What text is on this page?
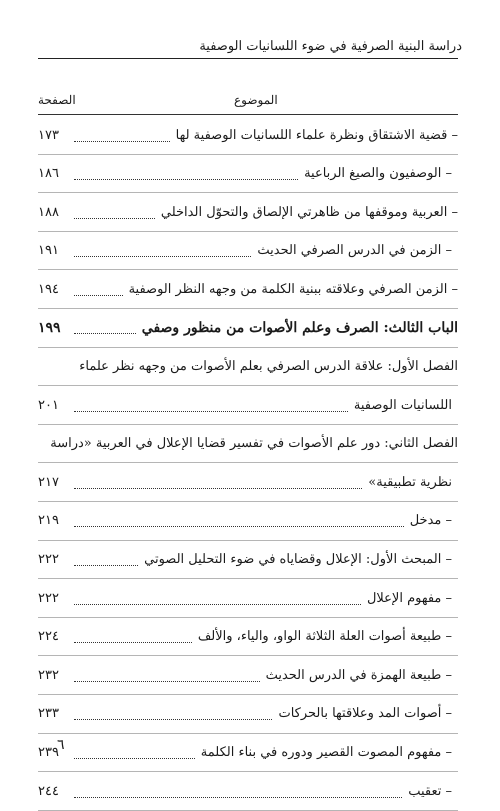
دراسة البنية الصرفية في ضوء اللسانيات الوصفية
الصفحة	الموضوع
– قضية الاشتقاق ونظرة علماء اللسانيات الوصفية لها
١٧٣
– الوصفيون والصيغ الرباعية
١٨٦
– العربية وموقفها من ظاهرتي الإلصاق والتحوّل الداخلي
١٨٨
– الزمن في الدرس الصرفي الحديث
١٩١
– الزمن الصرفي وعلاقته ببنية الكلمة من وجهه النظر الوصفية
١٩٤
الباب الثالث: الصرف وعلم الأصوات من منظور وصفي
١٩٩
الفصل الأول: علاقة الدرس الصرفي بعلم الأصوات من وجهه نظر علماء
اللسانيات الوصفية
٢٠١
الفصل الثاني: دور علم الأصوات في تفسير قضايا الإعلال في العربية «دراسة
نظرية تطبيقية»
٢١٧
– مدخل
٢١٩
– المبحث الأول: الإعلال وقضاياه في ضوء التحليل الصوتي
٢٢٢
– مفهوم الإعلال
٢٢٢
– طبيعة أصوات العلة الثلاثة الواو، والياء، والألف
٢٢٤
– طبيعة الهمزة في الدرس الحديث
٢٣٢
– أصوات المد وعلاقتها بالحركات
٢٣٣
– مفهوم المصوت القصير ودوره في بناء الكلمة
٢٣٩
– تعقيب
٢٤٤
٦
